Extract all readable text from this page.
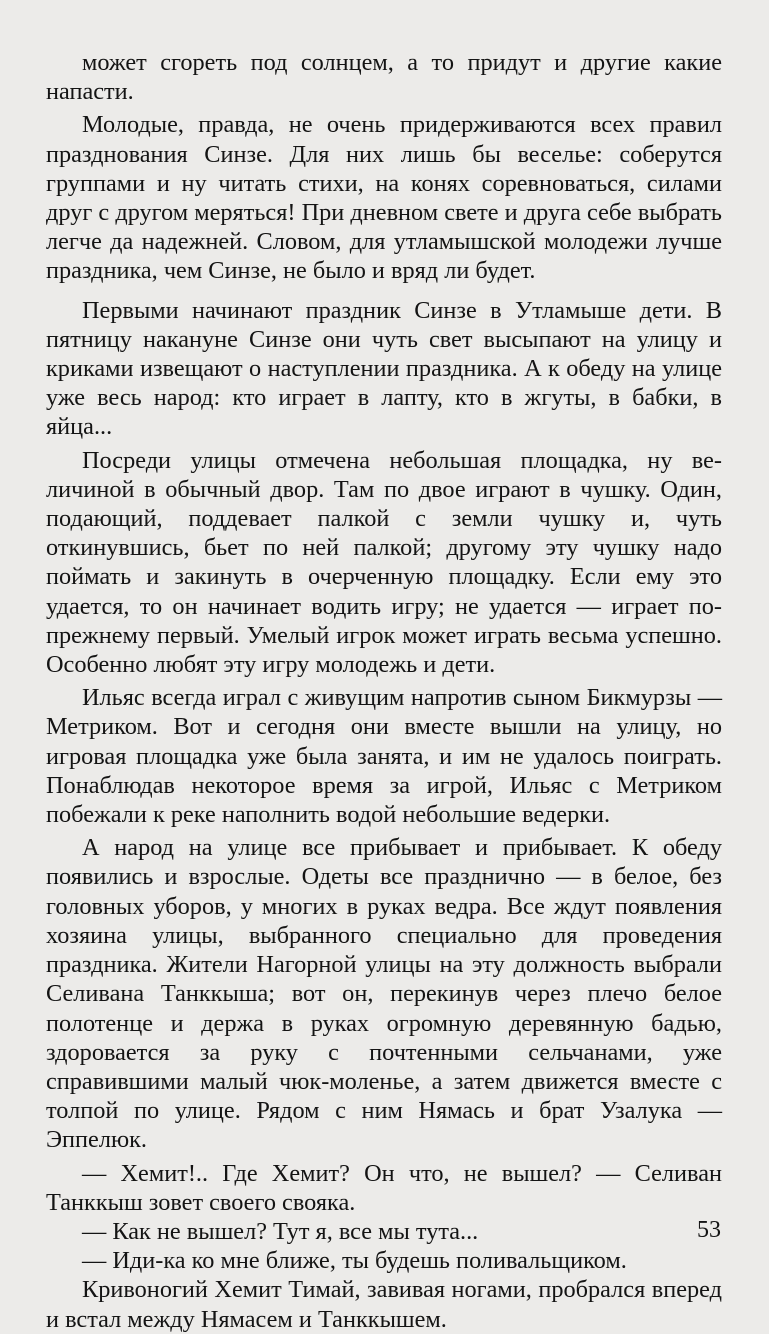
может сгореть под солнцем, а то придут и другие какие напасти.

Молодые, правда, не очень придерживаются всех правил празднования Синзе. Для них лишь бы веселье: соберутся группами и ну читать стихи, на конях соревноваться, силами друг с другом меряться! При дневном свете и друга себе выбрать легче да надежней. Словом, для утламышской молодежи лучше праздника, чем Синзе, не было и вряд ли будет.

Первыми начинают праздник Синзе в Утламыше дети. В пятницу накануне Синзе они чуть свет высыпают на улицу и криками извещают о наступлении праздника. А к обеду на улице уже весь народ: кто играет в лапту, кто в жгуты, в бабки, в яйца...

Посреди улицы отмечена небольшая площадка, ну величиной в обычный двор. Там по двое играют в чушку. Один, подающий, поддевает палкой с земли чушку и, чуть откинувшись, бьет по ней палкой; другому эту чушку надо поймать и закинуть в очерченную площадку. Если ему это удается, то он начинает водить игру; не удается — играет по-прежнему первый. Умелый игрок может играть весьма успешно. Особенно любят эту игру молодежь и дети.

Ильяс всегда играл с живущим напротив сыном Бикмурзы — Метриком. Вот и сегодня они вместе вышли на улицу, но игровая площадка уже была занята, и им не удалось поиграть. Понаблюдав некоторое время за игрой, Ильяс с Метриком побежали к реке наполнить водой небольшие ведерки.

А народ на улице все прибывает и прибывает. К обеду появились и взрослые. Одеты все празднично — в белое, без головных уборов, у многих в руках ведра. Все ждут появления хозяина улицы, выбранного специально для проведения праздника. Жители Нагорной улицы на эту должность выбрали Селивана Танккыша; вот он, перекинув через плечо белое полотенце и держа в руках огромную деревянную бадью, здоровается за руку с почтенными сельчанами, уже справившими малый чюк-моленье, а затем движется вместе с толпой по улице. Рядом с ним Нямась и брат Узалука — Эппелюк.

— Хемит!.. Где Хемит? Он что, не вышел? — Селиван Танккыш зовет своего свояка.

— Как не вышел? Тут я, все мы тута...

— Иди-ка ко мне ближе, ты будешь поливальщиком.

Кривоногий Хемит Тимай, завивая ногами, пробрался вперед и встал между Нямасем и Танккышем.

53
